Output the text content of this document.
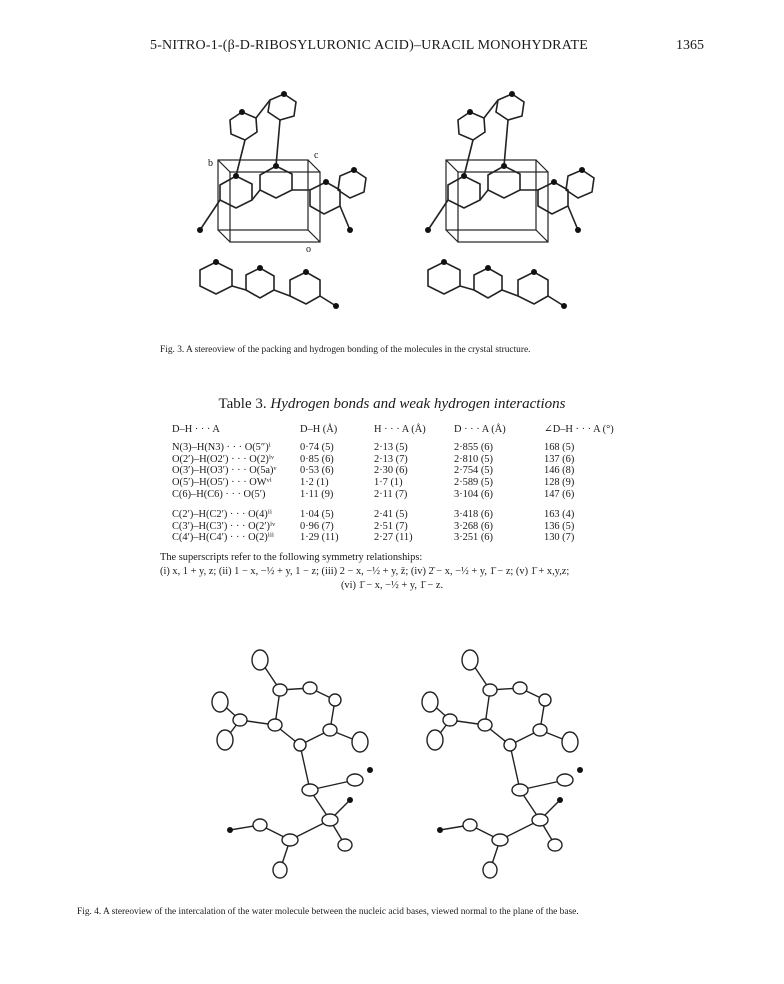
5-NITRO-1-(β-D-RIBOSYLURONIC ACID)–URACIL MONOHYDRATE	1365
b
c
o
Fig. 3. A stereoview of the packing and hydrogen bonding of the molecules in the crystal structure.
Table 3. Hydrogen bonds and weak hydrogen interactions
D–H · · · A	D–H (Å)	H · · · A (Å)	D · · · A (Å)	∠D–H · · · A (°)
N(3)–H(N3) · · · O(5″)ⁱ	0·74 (5)	2·13 (5)	2·855 (6)	168 (5)
O(2′)–H(O2′) · · · O(2)ⁱᵛ	0·85 (6)	2·13 (7)	2·810 (5)	137 (6)
O(3′)–H(O3′) · · · O(5a)ᵛ	0·53 (6)	2·30 (6)	2·754 (5)	146 (8)
O(5′)–H(O5′) · · · OWᵛⁱ	1·2 (1)	1·7 (1)	2·589 (5)	128 (9)
C(6)–H(C6) · · · O(5′)	1·11 (9)	2·11 (7)	3·104 (6)	147 (6)
C(2′)–H(C2′) · · · O(4)ⁱⁱ	1·04 (5)	2·41 (5)	3·418 (6)	163 (4)
C(3′)–H(C3′) · · · O(2′)ⁱᵛ	0·96 (7)	2·51 (7)	3·268 (6)	136 (5)
C(4′)–H(C4′) · · · O(2)ⁱⁱⁱ	1·29 (11)	2·27 (11)	3·251 (6)	130 (7)
The superscripts refer to the following symmetry relationships:
(i) x, 1 + y, z; (ii) 1 − x, −½ + y, 1 − z; (iii) 2 − x, −½ + y, z̄; (iv) 2̄ − x, −½ + y, 1̄ − z; (v) 1̄ + x,y,z;
(vi) 1̄ − x, −½ + y, 1̄ − z.
Fig. 4. A stereoview of the intercalation of the water molecule between the nucleic acid bases, viewed normal to the plane of the base.
